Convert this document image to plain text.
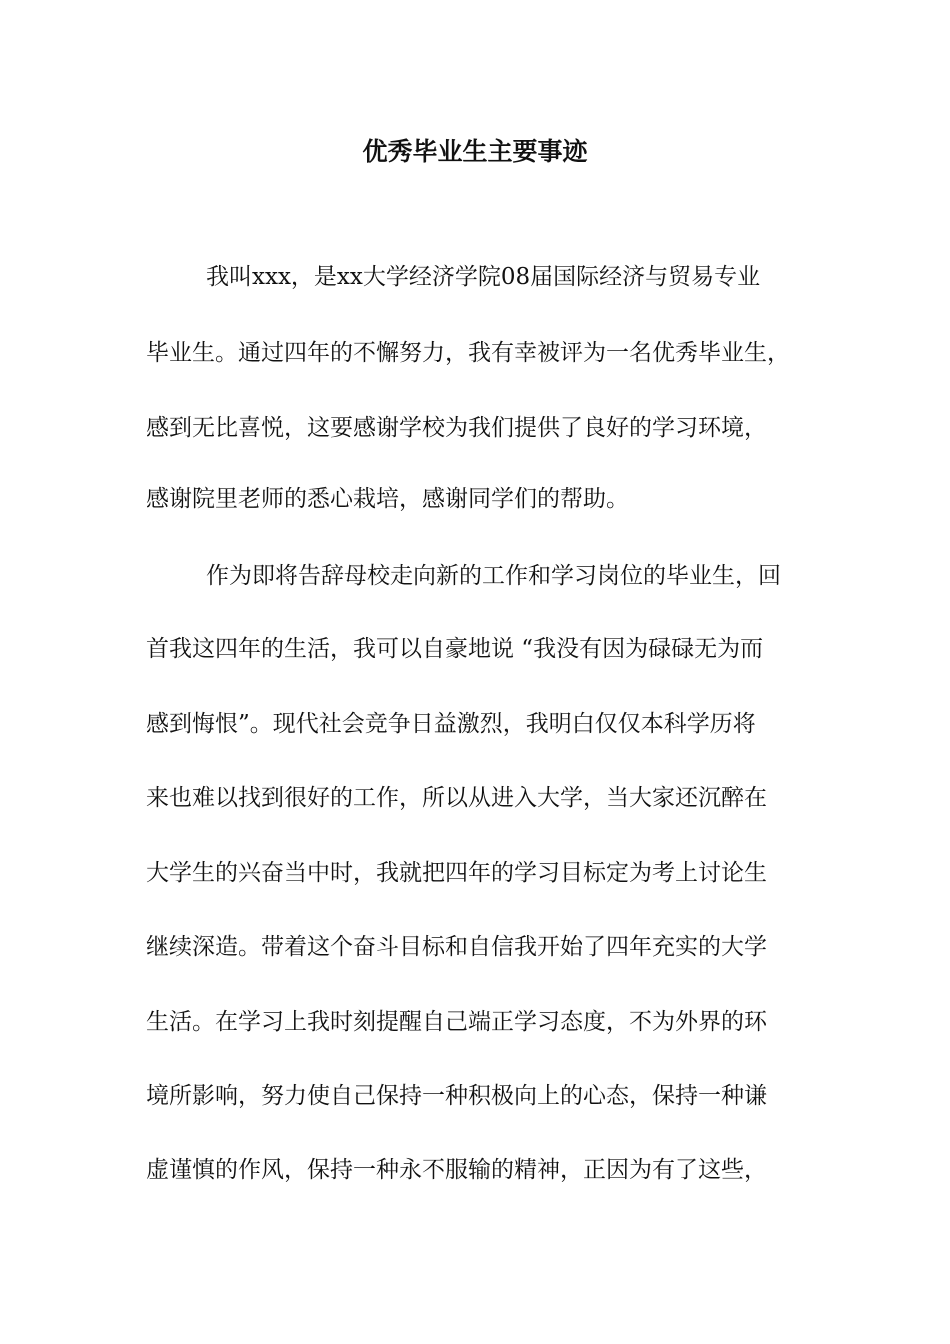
优秀毕业生主要事迹

我叫xxx，是xx大学经济学院08届国际经济与贸易专业

毕业生。通过四年的不懈努力，我有幸被评为一名优秀毕业生，

感到无比喜悦，这要感谢学校为我们提供了良好的学习环境，

感谢院里老师的悉心栽培，感谢同学们的帮助。

作为即将告辞母校走向新的工作和学习岗位的毕业生，回

首我这四年的生活，我可以自豪地说 “我没有因为碌碌无为而

感到悔恨”。现代社会竞争日益激烈，我明白仅仅本科学历将

来也难以找到很好的工作，所以从进入大学，当大家还沉醉在

大学生的兴奋当中时，我就把四年的学习目标定为考上讨论生

继续深造。带着这个奋斗目标和自信我开始了四年充实的大学

生活。在学习上我时刻提醒自己端正学习态度，不为外界的环

境所影响，努力使自己保持一种积极向上的心态，保持一种谦

虚谨慎的作风，保持一种永不服输的精神，正因为有了这些，
